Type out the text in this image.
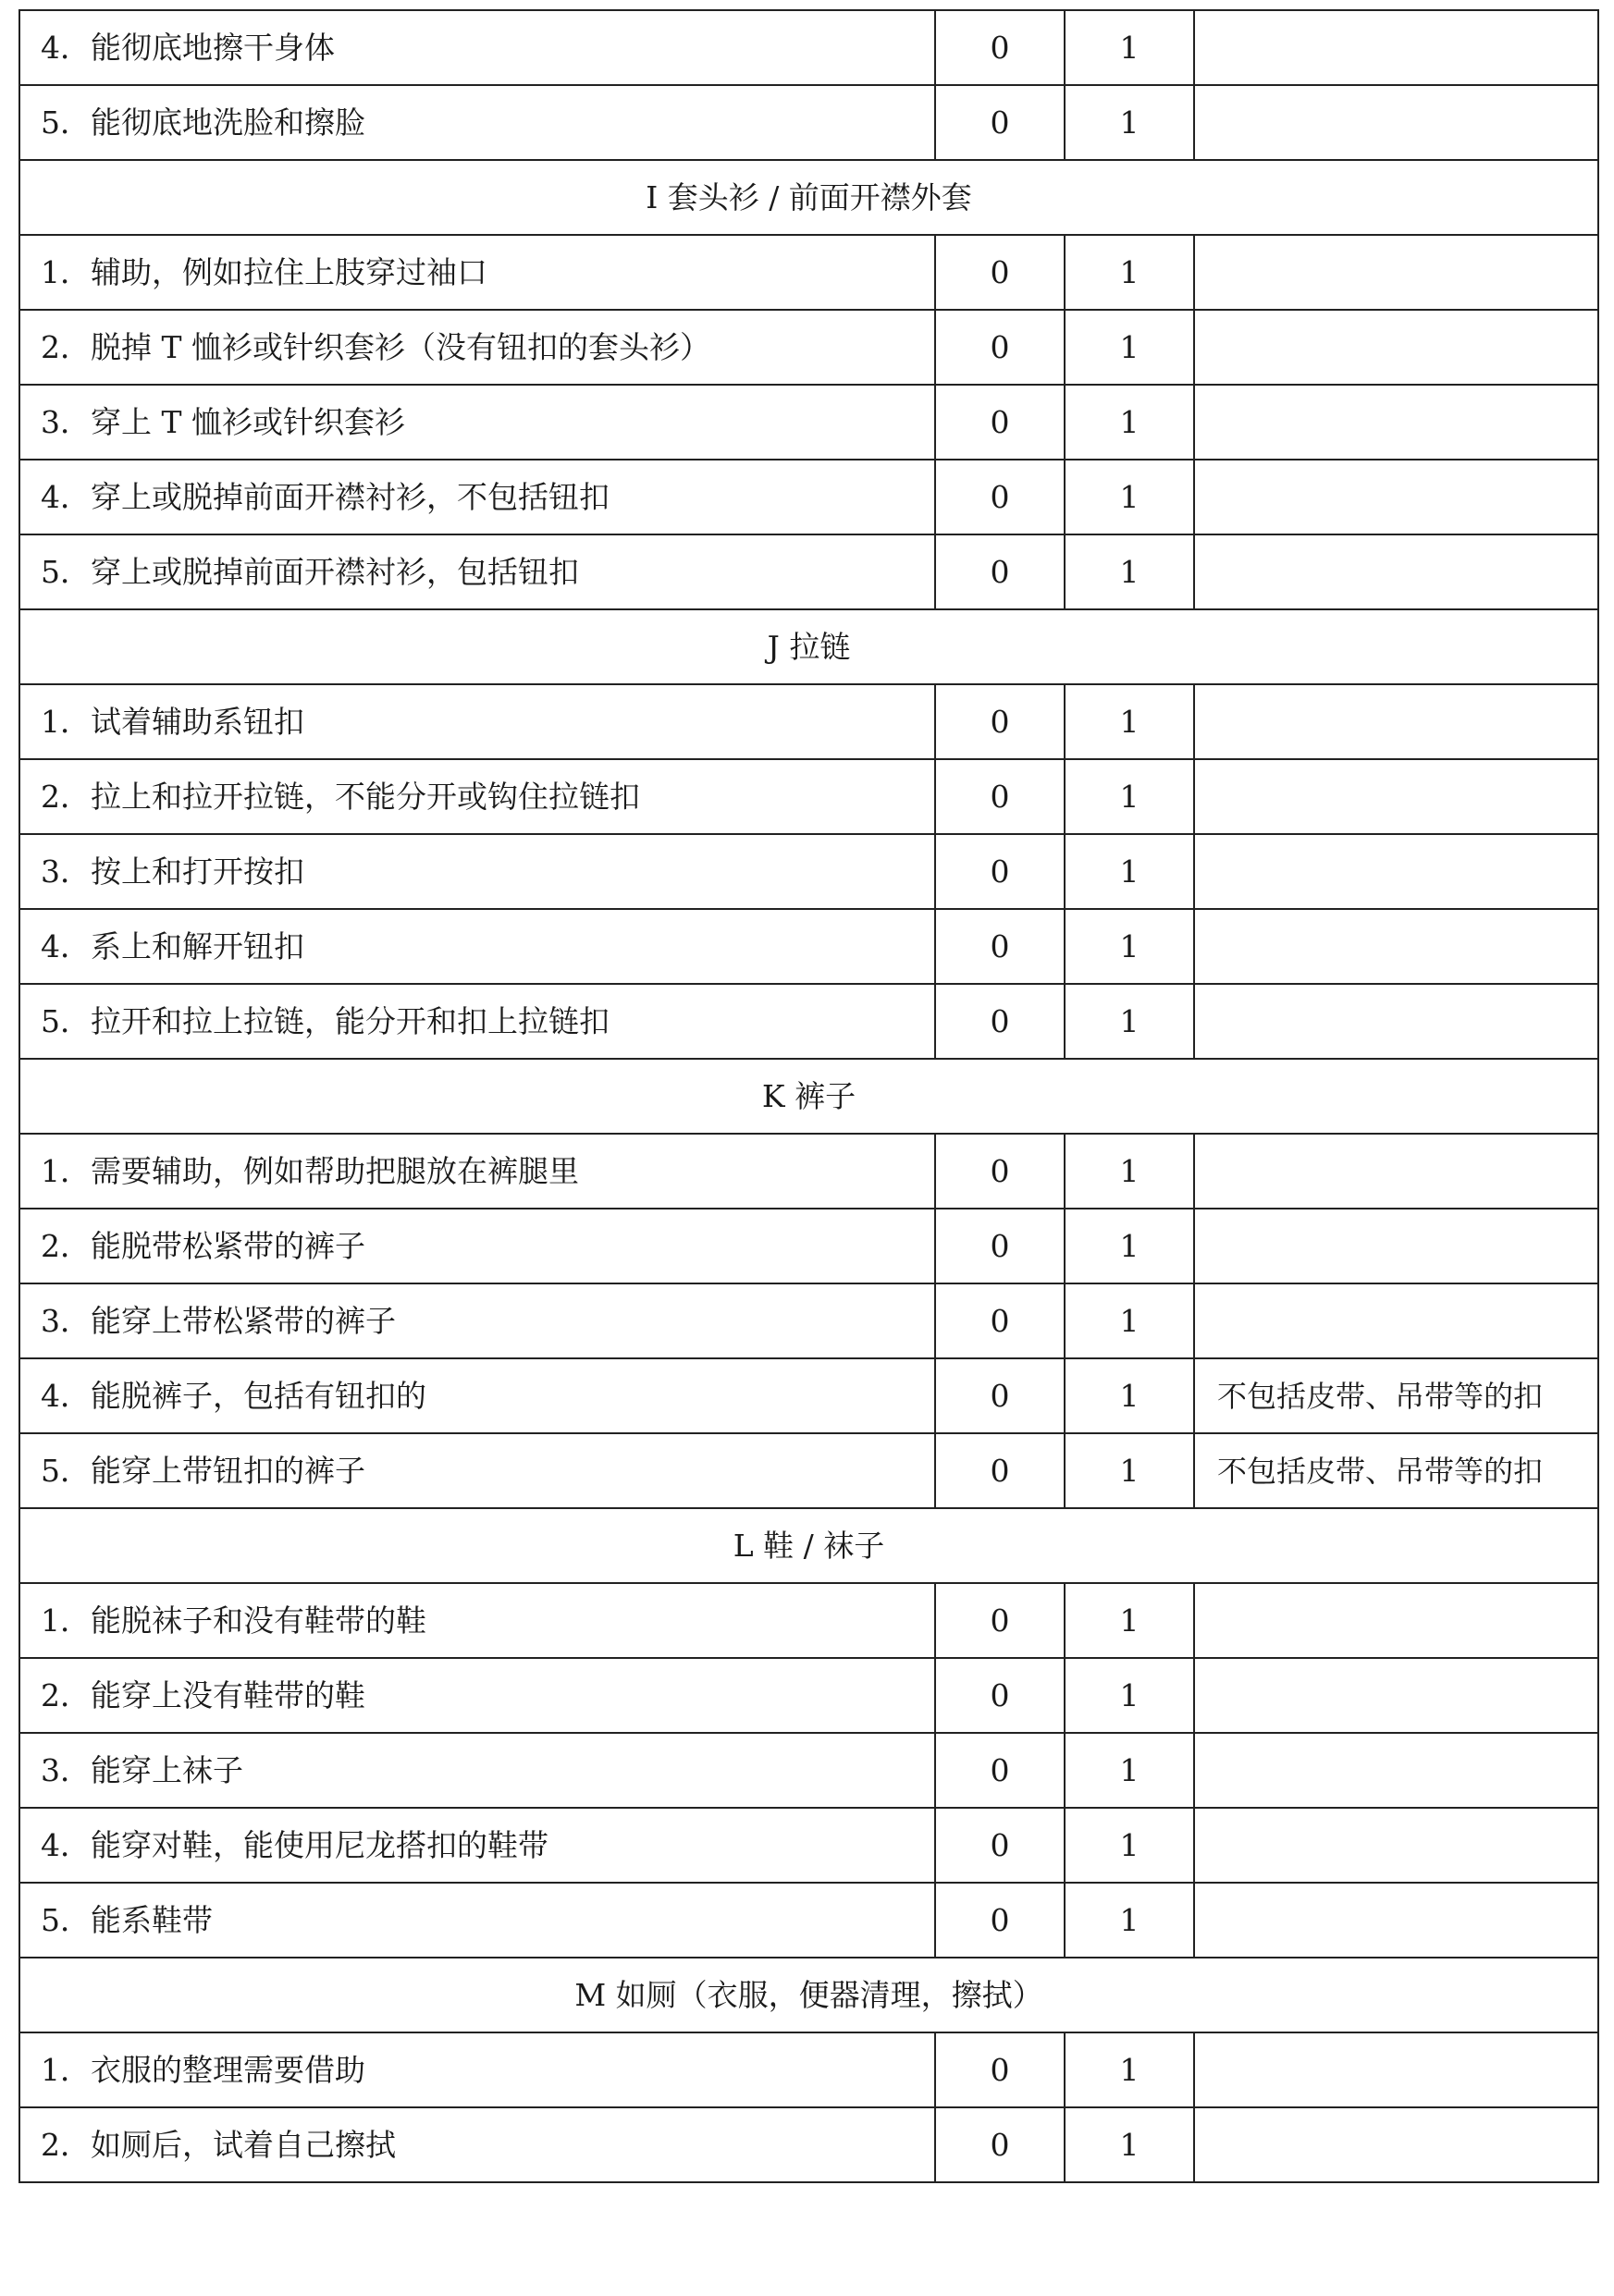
4．能彻底地擦干身体	0	1	
5．能彻底地洗脸和擦脸	0	1	
I 套头衫 / 前面开襟外套			
1．辅助，例如拉住上肢穿过袖口	0	1	
2．脱掉 T 恤衫或针织套衫（没有钮扣的套头衫）	0	1	
3．穿上 T 恤衫或针织套衫	0	1	
4．穿上或脱掉前面开襟衬衫，不包括钮扣	0	1	
5．穿上或脱掉前面开襟衬衫，包括钮扣	0	1	
J 拉链			
1．试着辅助系钮扣	0	1	
2．拉上和拉开拉链，不能分开或钩住拉链扣	0	1	
3．按上和打开按扣	0	1	
4．系上和解开钮扣	0	1	
5．拉开和拉上拉链，能分开和扣上拉链扣	0	1	
K 裤子			
1．需要辅助，例如帮助把腿放在裤腿里	0	1	
2．能脱带松紧带的裤子	0	1	
3．能穿上带松紧带的裤子	0	1	
4．能脱裤子，包括有钮扣的	0	1	不包括皮带、吊带等的扣
5．能穿上带钮扣的裤子	0	1	不包括皮带、吊带等的扣
L 鞋 / 袜子			
1．能脱袜子和没有鞋带的鞋	0	1	
2．能穿上没有鞋带的鞋	0	1	
3．能穿上袜子	0	1	
4．能穿对鞋，能使用尼龙搭扣的鞋带	0	1	
5．能系鞋带	0	1	
M 如厕（衣服，便器清理，擦拭）			
1．衣服的整理需要借助	0	1	
2．如厕后，试着自己擦拭	0	1	
